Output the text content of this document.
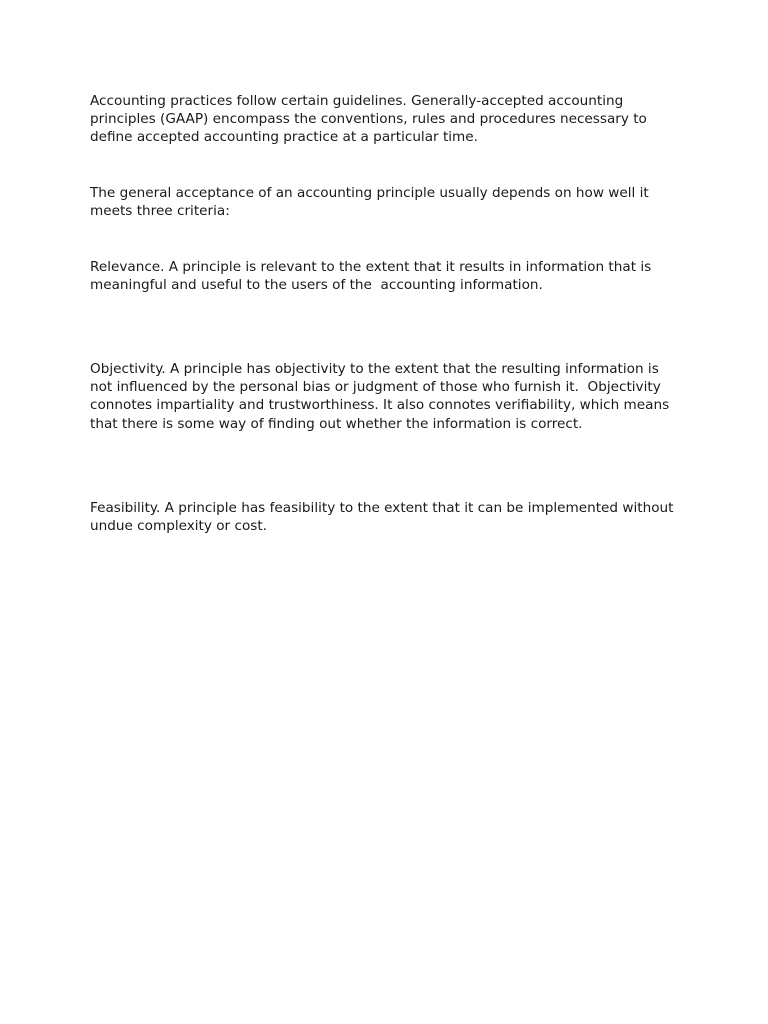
Accounting practices follow certain guidelines. Generally-accepted accounting principles (GAAP) encompass the conventions, rules and procedures necessary to define accepted accounting practice at a particular time.

The general acceptance of an accounting principle usually depends on how well it meets three criteria:

Relevance. A principle is relevant to the extent that it results in information that is meaningful and useful to the users of the  accounting information.

Objectivity. A principle has objectivity to the extent that the resulting information is not influenced by the personal bias or judgment of those who furnish it.  Objectivity connotes impartiality and trustworthiness. It also connotes verifiability, which means that there is some way of finding out whether the information is correct.

Feasibility. A principle has feasibility to the extent that it can be implemented without undue complexity or cost.
